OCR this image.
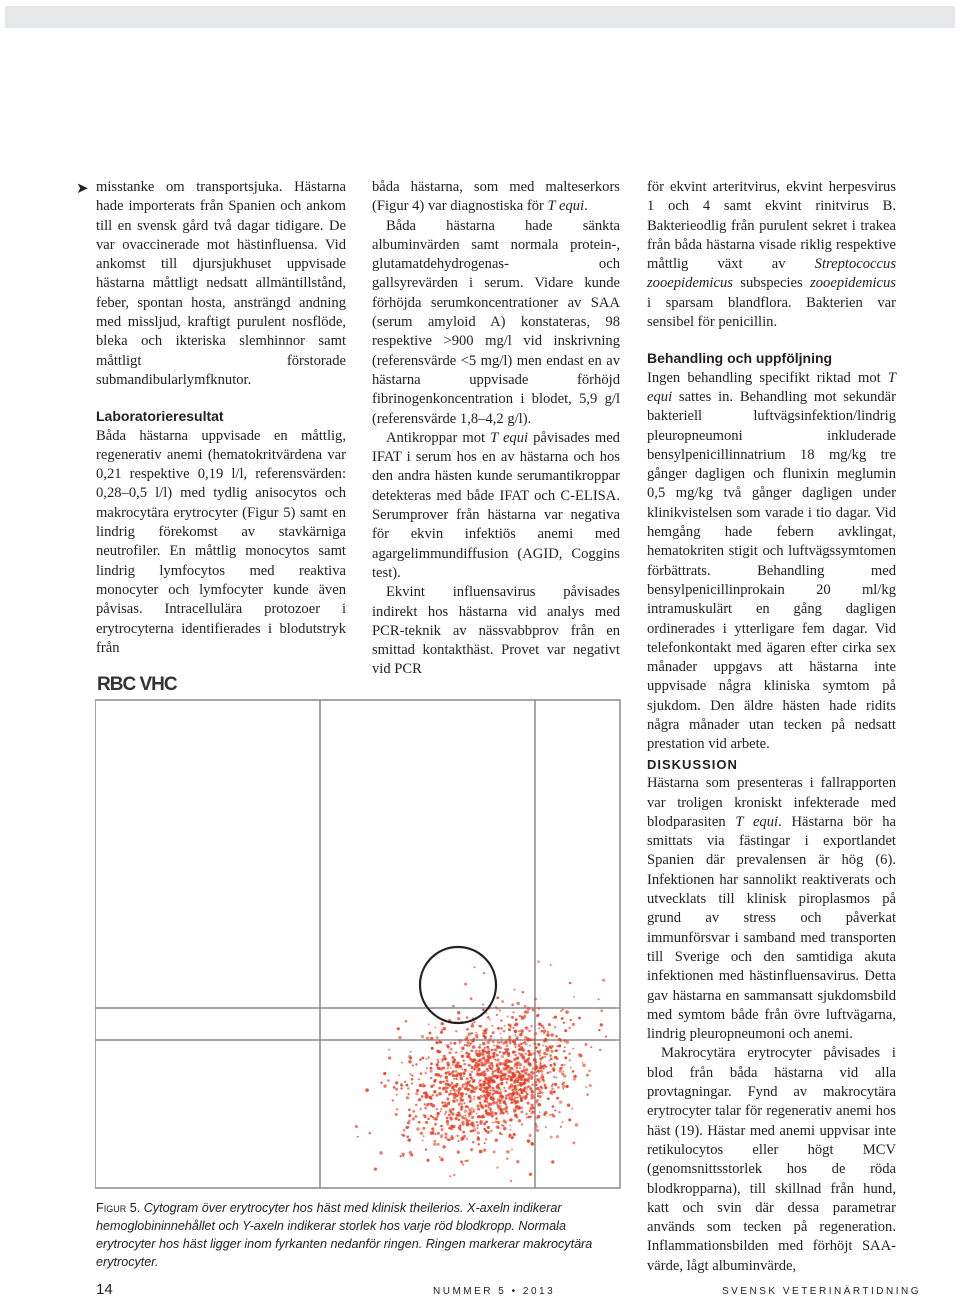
➤ misstanke om transportsjuka. Hästarna hade importerats från Spanien och ankom till en svensk gård två dagar tidigare. De var ovaccinerade mot hästinfluensa. Vid ankomst till djursjukhuset uppvisade hästarna måttligt nedsatt allmäntillstånd, feber, spontan hosta, ansträngd andning med missljud, kraftigt purulent nosflöde, bleka och ikteriska slemhinnor samt måttligt förstorade submandibularlymfknutor.

Laboratorieresultat

Båda hästarna uppvisade en måttlig, regenerativ anemi (hematokritvärdena var 0,21 respektive 0,19 l/l, referensvärden: 0,28–0,5 l/l) med tydlig anisocytos och makrocytära erytrocyter (Figur 5) samt en lindrig förekomst av stavkärniga neutrofiler. En måttlig monocytos samt lindrig lymfocytos med reaktiva monocyter och lymfocyter kunde även påvisas. Intracellulära protozoer i erytrocyterna identifierades i blodutstryk från

båda hästarna, som med malteserkors (Figur 4) var diagnostiska för T equi.

Båda hästarna hade sänkta albuminvärden samt normala protein-, glutamatdehydrogenas- och gallsyrevärden i serum. Vidare kunde förhöjda serumkoncentrationer av SAA (serum amyloid A) konstateras, 98 respektive >900 mg/l vid inskrivning (referensvärde <5 mg/l) men endast en av hästarna uppvisade förhöjd fibrinogenkoncentration i blodet, 5,9 g/l (referensvärde 1,8–4,2 g/l).

Antikroppar mot T equi påvisades med IFAT i serum hos en av hästarna och hos den andra hästen kunde serumantikroppar detekteras med både IFAT och C-ELISA. Serumprover från hästarna var negativa för ekvin infektiös anemi med agargelimmundiffusion (AGID, Coggins test).

Ekvint influensavirus påvisades indirekt hos hästarna vid analys med PCR-teknik av nässvabbprov från en smittad kontakthäst. Provet var negativt vid PCR

för ekvint arteritvirus, ekvint herpesvirus 1 och 4 samt ekvint rinitvirus B. Bakterieodlig från purulent sekret i trakea från båda hästarna visade riklig respektive måttlig växt av Streptococcus zooepidemicus subspecies zooepidemicus i sparsam blandflora. Bakterien var sensibel för penicillin.

Behandling och uppföljning

Ingen behandling specifikt riktad mot T equi sattes in. Behandling mot sekundär bakteriell luftvägsinfektion/lindrig pleuropneumoni inkluderade bensylpenicillinnatrium 18 mg/kg tre gånger dagligen och flunixin meglumin 0,5 mg/kg två gånger dagligen under klinikvistelsen som varade i tio dagar. Vid hemgång hade febern avklingat, hematokriten stigit och luftvägssymtomen förbättrats. Behandling med bensylpenicillinprokain 20 ml/kg intramuskulärt en gång dagligen ordinerades i ytterligare fem dagar. Vid telefonkontakt med ägaren efter cirka sex månader uppgavs att hästarna inte uppvisade några kliniska symtom på sjukdom. Den äldre hästen hade ridits några månader utan tecken på nedsatt prestation vid arbete.

DISKUSSION

Hästarna som presenteras i fallrapporten var troligen kroniskt infekterade med blodparasiten T equi. Hästarna bör ha smittats via fästingar i exportlandet Spanien där prevalensen är hög (6). Infektionen har sannolikt reaktiverats och utvecklats till klinisk piroplasmos på grund av stress och påverkat immunförsvar i samband med transporten till Sverige och den samtidiga akuta infektionen med hästinfluensavirus. Detta gav hästarna en sammansatt sjukdomsbild med symtom både från övre luftvägarna, lindrig pleuropneumoni och anemi.

Makrocytära erytrocyter påvisades i blod från båda hästarna vid alla provtagningar. Fynd av makrocytära erytrocyter talar för regenerativ anemi hos häst (19). Hästar med anemi uppvisar inte retikulocytos eller högt MCV (genomsnittsstorlek hos de röda blodkropparna), till skillnad från hund, katt och svin där dessa parametrar används som tecken på regeneration. Inflammationsbilden med förhöjt SAA-värde, lågt albuminvärde,

RBC VHC
Figur 5. Cytogram över erytrocyter hos häst med klinisk theilerios. X-axeln indikerar hemoglobininnehållet och Y-axeln indikerar storlek hos varje röd blodkropp. Normala erytrocyter hos häst ligger inom fyrkanten nedanför ringen. Ringen markerar makrocytära erytrocyter.
14	NUMMER 5 • 2013	SVENSK VETERINÄRTIDNING
